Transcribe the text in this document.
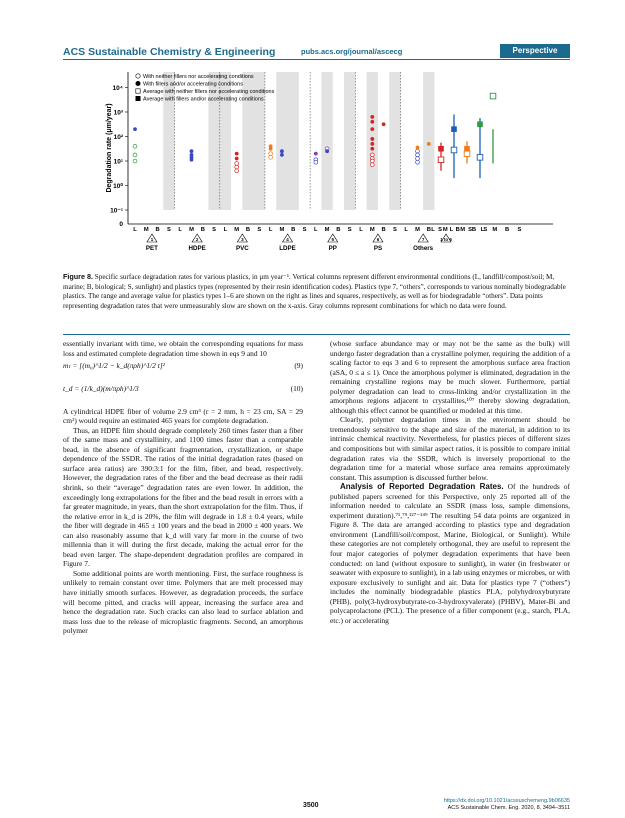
ACS Sustainable Chemistry & Engineering	pubs.acs.org/journal/ascecg	Perspective
10⁻¹
10⁰
10¹
10²
10³
10⁴
0
Degradation rate (μm/year)
With neither fillers nor accelerating conditions
With fillers and/or accelerating conditions
Average with neither fillers nor accelerating conditions
Average with fillers and/or accelerating conditions
L M B S L M B S L M B S L M B S L M B S L M B S L M B S L M B S
L M B S L M B S
1
PET
2
HDPE
3
PVC
4
LDPE
5
PP
6
PS
7
Others
1 to 6
Figure 8. Specific surface degradation rates for various plastics, in μm year⁻¹. Vertical columns represent different environmental conditions (L, landfill/compost/soil; M, marine; B, biological; S, sunlight) and plastics types (represented by their resin identification codes). Plastics type 7, “others”, corresponds to various nominally biodegradable plastics. The range and average value for plastics types 1–6 are shown on the right as lines and squares, respectively, as well as for biodegradable “others”. Data points representing degradation rates that were unmeasurably slow are shown on the x-axis. Gray columns represent combinations for which no data were found.

essentially invariant with time, we obtain the corresponding equations for mass loss and estimated complete degradation time shown in eqs 9 and 10

mₜ = [(m₀)^1/2 − k_d(πρh)^1/2 t]²	(9)
t_d = (1/k_d)(m/πρh)^1/3	(10)

A cylindrical HDPE fiber of volume 2.9 cm³ (r = 2 mm, h = 23 cm, SA = 29 cm²) would require an estimated 465 years for complete degradation.

Thus, an HDPE film should degrade completely 260 times faster than a fiber of the same mass and crystallinity, and 1100 times faster than a comparable bead, in the absence of significant fragmentation, crystallization, or shape dependence of the SSDR. The ratios of the initial degradation rates (based on surface area ratios) are 390:3:1 for the film, fiber, and bead, respectively. However, the degradation rates of the fiber and the bead decrease as their radii shrink, so their “average” degradation rates are even lower. In addition, the exceedingly long extrapolations for the fiber and the bead result in errors with a far greater magnitude, in years, than the short extrapolation for the film. Thus, if the relative error in k_d is 20%, the film will degrade in 1.8 ± 0.4 years, while the fiber will degrade in 465 ± 100 years and the bead in 2000 ± 400 years. We can also reasonably assume that k_d will vary far more in the course of two millennia than it will during the first decade, making the actual error for the bead even larger. The shape-dependent degradation profiles are compared in Figure 7.

Some additional points are worth mentioning. First, the surface roughness is unlikely to remain constant over time. Polymers that are melt processed may have initially smooth surfaces. However, as degradation proceeds, the surface will become pitted, and cracks will appear, increasing the surface area and hence the degradation rate. Such cracks can also lead to surface ablation and mass loss due to the release of microplastic fragments. Second, an amorphous polymer

(whose surface abundance may or may not be the same as the bulk) will undergo faster degradation than a crystalline polymer, requiring the addition of a scaling factor to eqs 3 and 6 to represent the amorphous surface area fraction (aSA, 0 ≤ a ≤ 1). Once the amorphous polymer is eliminated, degradation in the remaining crystalline regions may be much slower. Furthermore, partial polymer degradation can lead to cross-linking and/or crystallization in the amorphous regions adjacent to crystallites,¹⁰⁷ thereby slowing degradation, although this effect cannot be quantified or modeled at this time.

Clearly, polymer degradation times in the environment should be tremendously sensitive to the shape and size of the material, in addition to its intrinsic chemical reactivity. Nevertheless, for plastics pieces of different sizes and compositions but with similar aspect ratios, it is possible to compare initial degradation rates via the SSDR, which is inversely proportional to the degradation time for a material whose surface area remains approximately constant. This assumption is discussed further below.

Analysis of Reported Degradation Rates. Of the hundreds of published papers screened for this Perspective, only 25 reported all of the information needed to calculate an SSDR (mass loss, sample dimensions, experiment duration).⁷¹,⁷⁹,¹²⁷⁻¹⁴⁹ The resulting 54 data points are organized in Figure 8. The data are arranged according to plastics type and degradation environment (Landfill/soil/compost, Marine, Biological, or Sunlight). While these categories are not completely orthogonal, they are useful to represent the four major categories of polymer degradation experiments that have been conducted: on land (without exposure to sunlight), in water (in freshwater or seawater with exposure to sunlight), in a lab using enzymes or microbes, or with exposure exclusively to sunlight and air. Data for plastics type 7 (“others”) includes the nominally biodegradable plastics PLA, polyhydroxybutyrate (PHB), poly(3-hydroxybutyrate-co-3-hydroxyvalerate) (PHBV), Mater-Bi and polycaprolactone (PCL). The presence of a filler component (e.g., starch, PLA, etc.) or accelerating

3500
https://dx.doi.org/10.1021/acssuschemeng.9b06635
ACS Sustainable Chem. Eng. 2020, 8, 3494−3511
